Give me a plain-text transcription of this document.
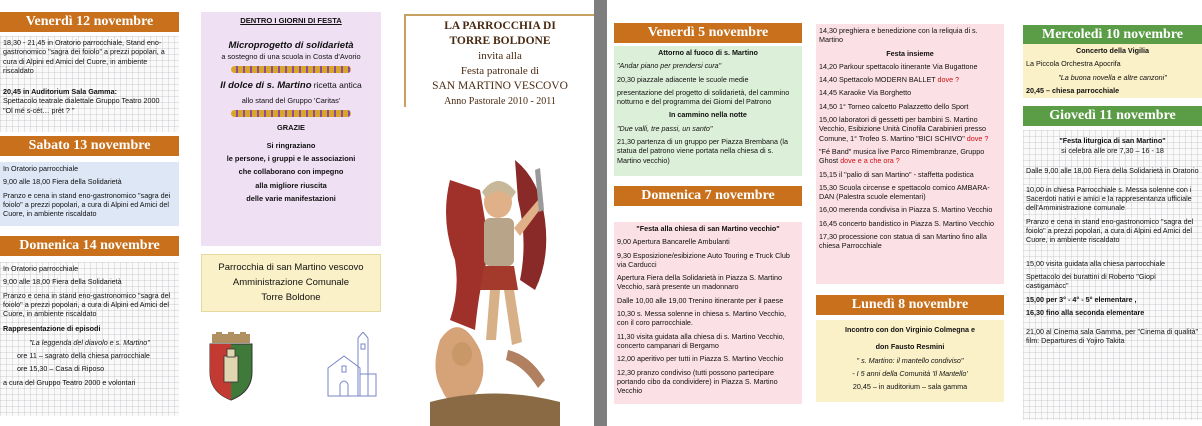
Venerdì 12 novembre

18,30 - 21,45 in Oratorio parrocchiale, Stand eno-gastronomico "sagra dei foiolo" a prezzi popolari, a cura di Alpini ed Amici del Cuore, in ambiente riscaldato

20,45 in Auditorium Sala Gamma:

Spettacolo teatrale dialettale Gruppo Teatro 2000

"Ol mé s-cét… prèt ? "

Sabato 13 novembre

In Oratorio parrocchiale

9,00 alle 18,00 Fiera della Solidarietà

Pranzo e cena in stand eno-gastronomico "sagra dei foiolo" a prezzi popolari, a cura di Alpini ed Amici del Cuore, in ambiente riscaldato

Domenica 14 novembre

In Oratorio parrocchiale

9,00 alle 18,00 Fiera della Solidarietà

Pranzo e cena in stand eno-gastronomico "sagra del foiolo" a prezzi popolari, a cura di Alpini ed Amici del Cuore, in ambiente riscaldato

Rappresentazione di episodi

"La leggenda del diavolo e s. Martino"

ore 11 – sagrato della chiesa parrocchiale

ore 15,30 – Casa di Riposo

a cura del Gruppo Teatro 2000 e volontari

DENTRO I GIORNI DI FESTA

Microprogetto di solidarietà

a sostegno di una scuola in Costa d'Avorio

Il dolce di s. Martino ricetta antica

allo stand del Gruppo 'Caritas'

GRAZIE

Si ringraziano

le persone, i gruppi e le associazioni

che collaborano con impegno

alla migliore riuscita

delle varie manifestazioni

Parrocchia di san Martino vescovo
Amministrazione Comunale
Torre Boldone
LA PARROCCHIA DI
TORRE BOLDONE
invita alla
Festa patronale di
SAN MARTINO VESCOVO
Anno Pastorale 2010 - 2011
Venerdì 5 novembre

Attorno al fuoco di s. Martino

"Andar piano per prendersi cura"

20,30 piazzale adiacente le scuole medie

presentazione del progetto di solidarietà, del cammino notturno e del programma dei Giorni del Patrono

In cammino nella notte

"Due valli, tre passi, un santo"

21,30 partenza di un gruppo per Piazza Brembana (la statua del patrono viene portata nella chiesa di s. Martino vecchio)

Domenica 7 novembre

"Festa alla chiesa di san Martino vecchio"

9,00 Apertura Bancarelle Ambulanti

9,30 Esposizione/esibizione Auto Touring e Truck Club via Carducci

Apertura Fiera della Solidarietà in Piazza S. Martino Vecchio, sarà presente un madonnaro

Dalle 10,00 alle 19,00 Trenino itinerante per il paese

10,30 s. Messa solenne in chiesa s. Martino Vecchio, con il coro parrocchiale.

11,30 visita guidata alla chiesa di s. Martino Vecchio, concerto campanari di Bergamo

12,00 aperitivo per tutti in Piazza S. Martino Vecchio

12,30 pranzo condiviso (tutti possono partecipare portando cibo da condividere) in Piazza S. Martino Vecchio

14,30 preghiera e benedizione con la reliquia di s. Martino

Festa insieme

14,20 Parkour spettacolo itinerante Via Bugattone

14,40 Spettacolo MODERN BALLET dove ?

14,45 Karaoke Via Borghetto

14,50 1° Torneo calcetto Palazzetto dello Sport

15,00 laboratori di gessetti per bambini S. Martino Vecchio, Esibizione Unità Cinofila Carabinieri presso Comune, 1° Trofeo S. Martino "BICI SCHIVO" dove ?

"Fé Band" musica live Parco Rimembranze, Gruppo Ghost dove e a che ora ?

15,15 il "palio di san Martino" - staffetta podistica

15,30 Scuola circense e spettacolo comico AMBARA-DAN (Palestra scuole elementari)

16,00 merenda condivisa in Piazza S. Martino Vecchio

16,45 concerto bandistico in Piazza S. Martino Vecchio

17,30 processione con statua di san Martino fino alla chiesa Parrocchiale

Lunedì 8 novembre

Incontro con don Virginio Colmegna e

don Fausto Resmini

" s. Martino: il mantello condiviso"

- I 5 anni della Comunità 'Il Mantello'

20,45 – in auditorium – sala gamma

Mercoledì 10 novembre

Concerto della Vigilia

La Piccola Orchestra Apocrifa

"La buona novella e altre canzoni"

20,45 – chiesa parrocchiale

Giovedì 11 novembre

"Festa liturgica di san Martino"

si celebra alle ore 7,30 – 16 - 18

Dalle 9,00 alle 18,00 Fiera della Solidarietà in Oratorio

10,00 in chiesa Parrocchiale s. Messa solenne con i Sacerdoti nativi e amici e la rappresentanza ufficiale dell'Amministrazione comunale

Pranzo e cena in stand eno-gastronomico "sagra del foiolo" a prezzi popolari, a cura di Alpini ed Amici del Cuore, in ambiente riscaldato

15,00 visita guidata alla chiesa parrocchiale

Spettacolo dei burattini di Roberto "Giopì castigamàcc"

15,00 per 3° - 4° - 5° elementare ,

16,30 fino alla seconda elementare

21,00 al Cinema sala Gamma, per "Cinema di qualità" film: Departures di Yojiro Takita
